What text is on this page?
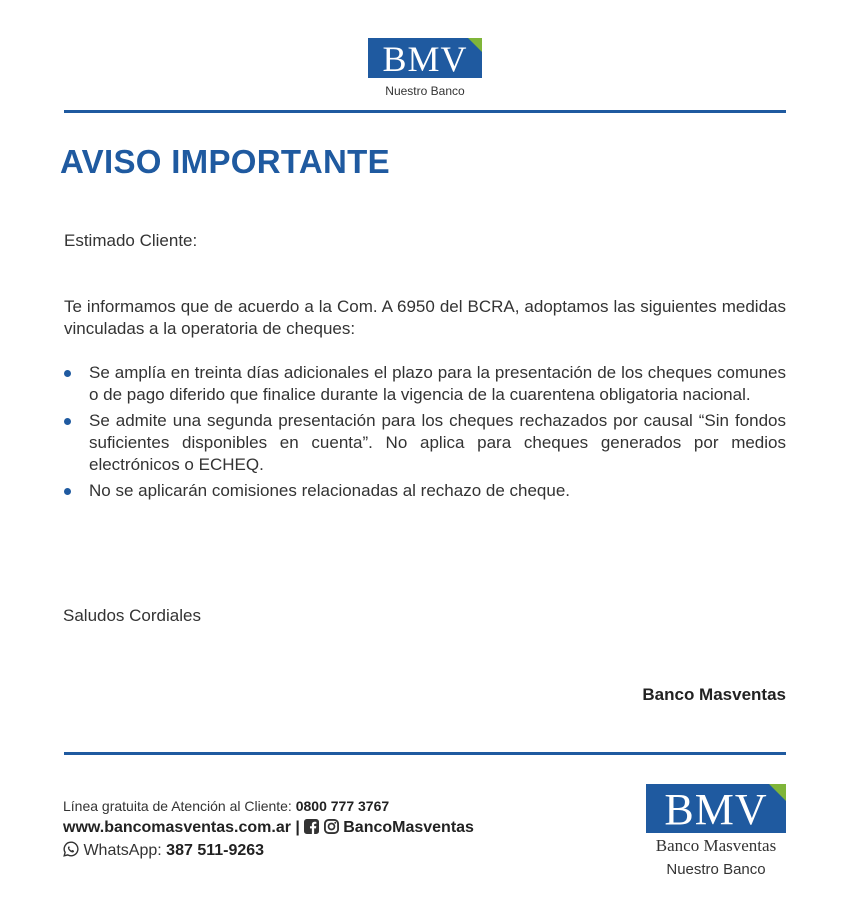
BMV
Nuestro Banco
AVISO IMPORTANTE
Estimado Cliente:
Te informamos que de acuerdo a la Com. A 6950 del BCRA, adoptamos las siguientes medidas vinculadas a la operatoria de cheques:
Se amplía en treinta días adicionales el plazo para la presentación de los cheques comunes o de pago diferido que finalice durante la vigencia de la cuarentena obligatoria nacional.
Se admite una segunda presentación para los cheques rechazados por causal “Sin fondos suficientes disponibles en cuenta”. No aplica para cheques generados por medios electrónicos o ECHEQ.
No se aplicarán comisiones relacionadas al rechazo de cheque.
Saludos Cordiales
Banco Masventas
Línea gratuita de Atención al Cliente: 0800 777 3767
www.bancomasventas.com.ar |	BancoMasventas
WhatsApp: 387 511-9263
BMV
Banco Masventas
Nuestro Banco
